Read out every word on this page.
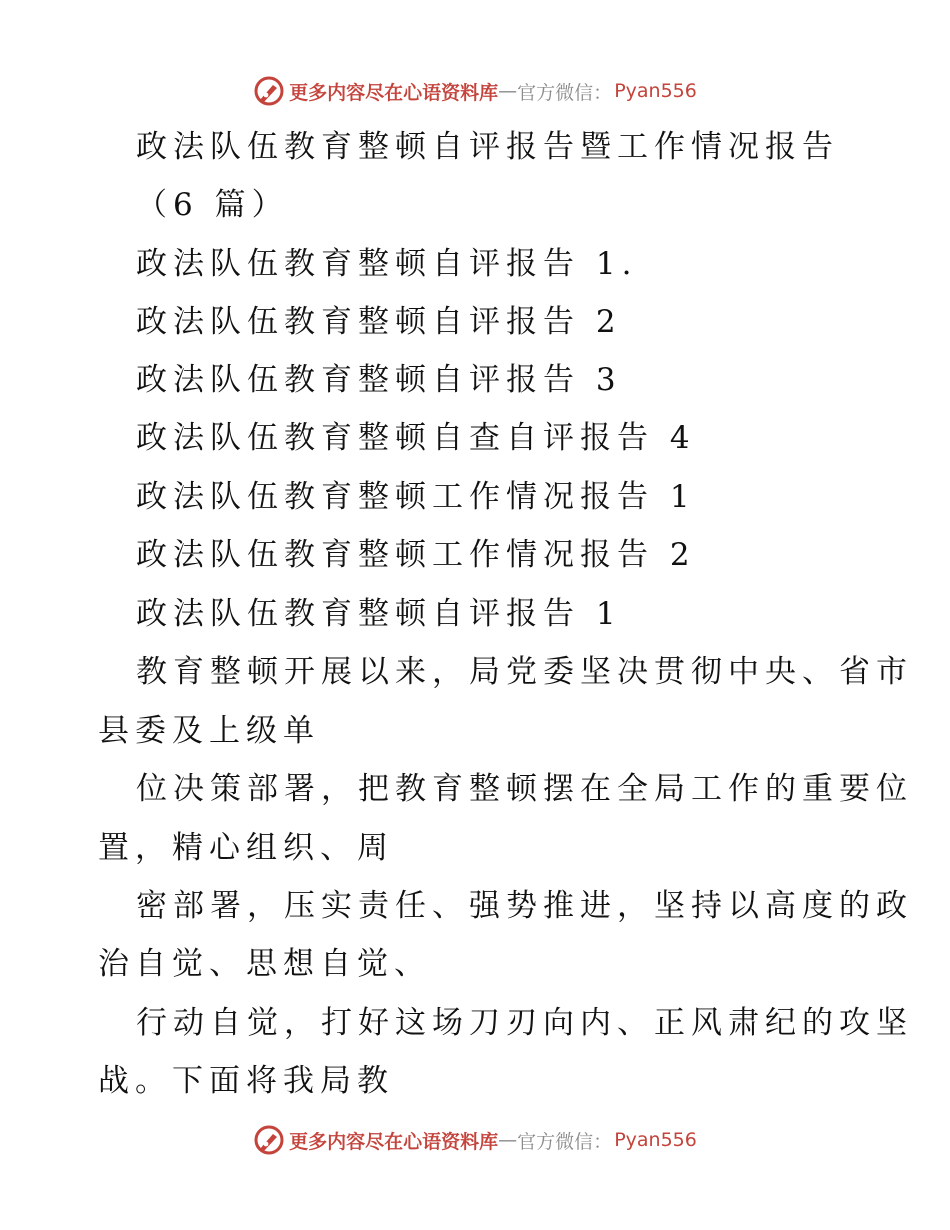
更多内容尽在心语资料库 — 官方微信： Pyan556
政法队伍教育整顿自评报告暨工作情况报告
（6 篇）
政法队伍教育整顿自评报告 1.
政法队伍教育整顿自评报告 2
政法队伍教育整顿自评报告 3
政法队伍教育整顿自查自评报告 4
政法队伍教育整顿工作情况报告 1
政法队伍教育整顿工作情况报告 2
政法队伍教育整顿自评报告 1
教育整顿开展以来，局党委坚决贯彻中央、省市
县委及上级单
位决策部署，把教育整顿摆在全局工作的重要位
置，精心组织、周
密部署，压实责任、强势推进，坚持以高度的政
治自觉、思想自觉、
行动自觉，打好这场刀刃向内、正风肃纪的攻坚
战。下面将我局教
更多内容尽在心语资料库 — 官方微信： Pyan556
